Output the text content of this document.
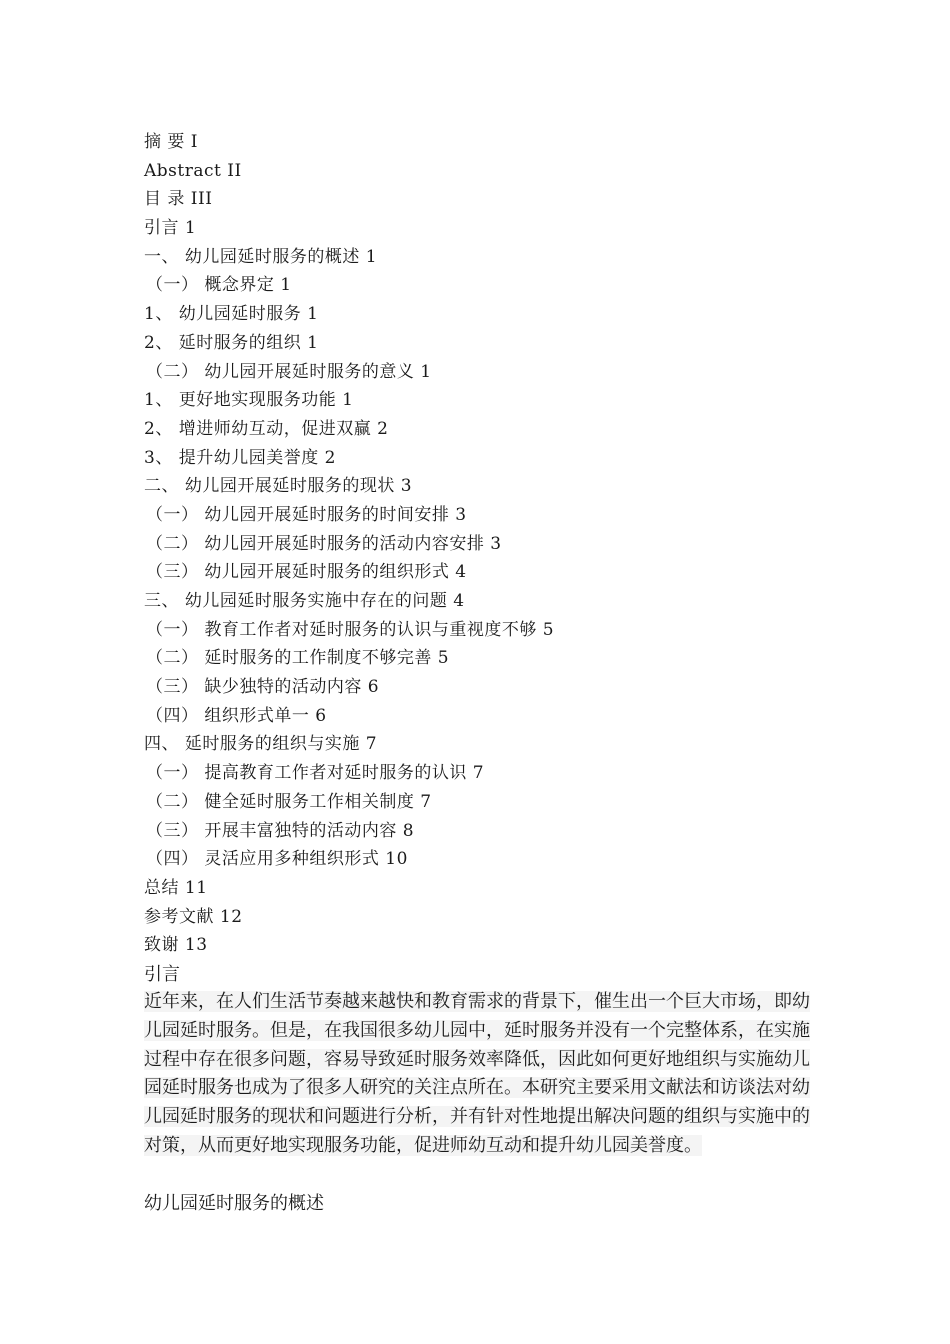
摘 要 I
Abstract II
目 录 III
引言 1
一、 幼儿园延时服务的概述 1
（一） 概念界定 1
1、 幼儿园延时服务 1
2、 延时服务的组织 1
（二） 幼儿园开展延时服务的意义 1
1、 更好地实现服务功能 1
2、 增进师幼互动，促进双赢 2
3、 提升幼儿园美誉度 2
二、 幼儿园开展延时服务的现状 3
（一） 幼儿园开展延时服务的时间安排 3
（二） 幼儿园开展延时服务的活动内容安排 3
（三） 幼儿园开展延时服务的组织形式 4
三、 幼儿园延时服务实施中存在的问题 4
（一） 教育工作者对延时服务的认识与重视度不够 5
（二） 延时服务的工作制度不够完善 5
（三） 缺少独特的活动内容 6
（四） 组织形式单一 6
四、 延时服务的组织与实施 7
（一） 提高教育工作者对延时服务的认识 7
（二） 健全延时服务工作相关制度 7
（三） 开展丰富独特的活动内容 8
（四） 灵活应用多种组织形式 10
总结 11
参考文献 12
致谢 13
引言
近年来，在人们生活节奏越来越快和教育需求的背景下，催生出一个巨大市场，即幼儿园延时服务。但是，在我国很多幼儿园中，延时服务并没有一个完整体系，在实施过程中存在很多问题，容易导致延时服务效率降低，因此如何更好地组织与实施幼儿园延时服务也成为了很多人研究的关注点所在。本研究主要采用文献法和访谈法对幼儿园延时服务的现状和问题进行分析，并有针对性地提出解决问题的组织与实施中的对策，从而更好地实现服务功能，促进师幼互动和提升幼儿园美誉度。
幼儿园延时服务的概述
